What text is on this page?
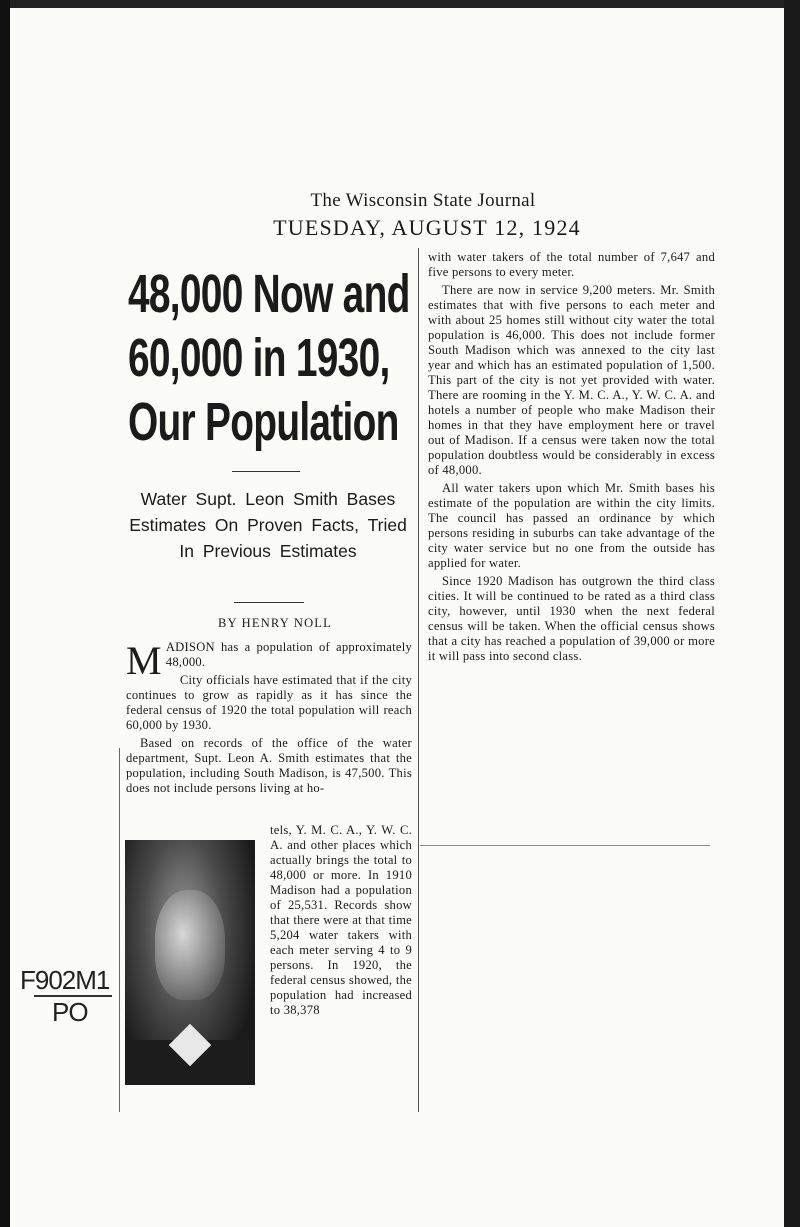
The Wisconsin State Journal
TUESDAY, AUGUST 12, 1924
48,000 Now and
60,000 in 1930,
Our Population
Water Supt. Leon Smith Bases Estimates On Proven Facts, Tried In Previous Estimates
BY HENRY NOLL

MADISON has a population of approximately 48,000.

City officials have estimated that if the city continues to grow as rapidly as it has since the federal census of 1920 the total population will reach 60,000 by 1930.

Based on records of the office of the water department, Supt. Leon A. Smith estimates that the population, including South Madison, is 47,500. This does not include persons living at ho-

tels, Y. M. C. A., Y. W. C. A. and other places which actually brings the total to 48,000 or more. In 1910 Madison had a population of 25,531. Records show that there were at that time 5,204 water takers with each meter serving 4 to 9 persons. In 1920, the federal census showed, the population had increased to 38,378

with water takers of the total number of 7,647 and five persons to every meter.

There are now in service 9,200 meters. Mr. Smith estimates that with five persons to each meter and with about 25 homes still without city water the total population is 46,000. This does not include former South Madison which was annexed to the city last year and which has an estimated population of 1,500. This part of the city is not yet provided with water. There are rooming in the Y. M. C. A., Y. W. C. A. and hotels a number of people who make Madison their homes in that they have employment here or travel out of Madison. If a census were taken now the total population doubtless would be considerably in excess of 48,000.

All water takers upon which Mr. Smith bases his estimate of the population are within the city limits. The council has passed an ordinance by which persons residing in suburbs can take advantage of the city water service but no one from the outside has applied for water.

Since 1920 Madison has outgrown the third class cities. It will be continued to be rated as a third class city, however, until 1930 when the next federal census will be taken. When the official census shows that a city has reached a population of 39,000 or more it will pass into second class.

F902M1
PO
